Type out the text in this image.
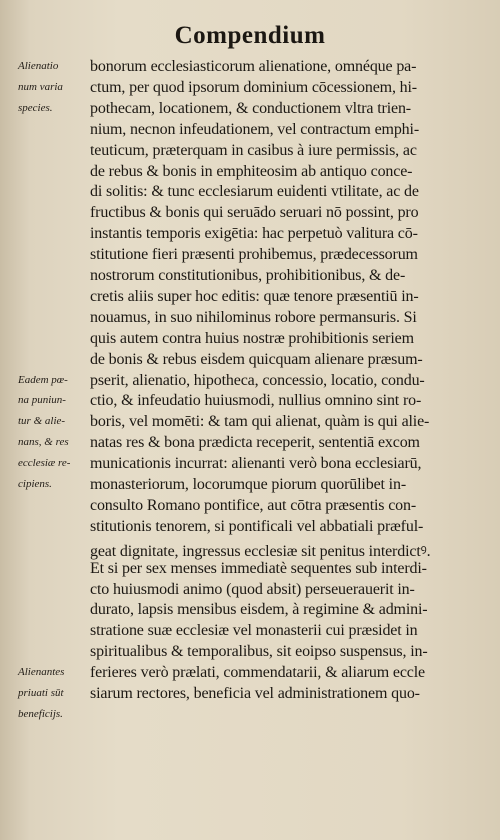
Compendium
Alienatio
num varia
species.
Eadem pœ-
na puniun-
tur & alie-
nans, & res
ecclesiæ re-
cipiens.
Alienantes
priuati sūt
beneficijs.
bonorum ecclesiasticorum alienatione, omnéque pa-
ctum, per quod ipsorum dominium cōcessionem, hi-
pothecam, locationem, & conductionem vltra trien-
nium, necnon infeudationem, vel contractum emphi-
teuticum, præterquam in casibus à iure permissis, ac
de rebus & bonis in emphiteosim ab antiquo conce-
di solitis: & tunc ecclesiarum euidenti vtilitate, ac de
fructibus & bonis qui seruādo seruari nō possint, pro
instantis temporis exigētia: hac perpetuò valitura cō-
stitutione fieri præsenti prohibemus, prædecessorum
nostrorum constitutionibus, prohibitionibus, & de-
cretis aliis super hoc editis: quæ tenore præsentiū in-
nouamus, in suo nihilominus robore permansuris. Si
quis autem contra huius nostræ prohibitionis seriem
de bonis & rebus eisdem quicquam alienare præsum-
pserit, alienatio, hipotheca, concessio, locatio, condu-
ctio, & infeudatio huiusmodi, nullius omnino sint ro-
boris, vel momēti: & tam qui alienat, quàm is qui alie-
natas res & bona prædicta receperit, sententiā excom
municationis incurrat: alienanti verò bona ecclesiarū,
monasteriorum, locorumque piorum quorūlibet in-
consulto Romano pontifice, aut cōtra præsentis con-
stitutionis tenorem, si pontificali vel abbatiali præful-
geat dignitate, ingressus ecclesiæ sit penitus interdictꝰ.
Et si per sex menses immediatè sequentes sub interdi-
cto huiusmodi animo (quod absit) perseuerauerit in-
durato, lapsis mensibus eisdem, à regimine & admini-
stratione suæ ecclesiæ vel monasterii cui præsidet in
spiritualibus & temporalibus, sit eoipso suspensus, in-
ferieres verò prælati, commendatarii, & aliarum eccle
siarum rectores, beneficia vel administrationem quo-
